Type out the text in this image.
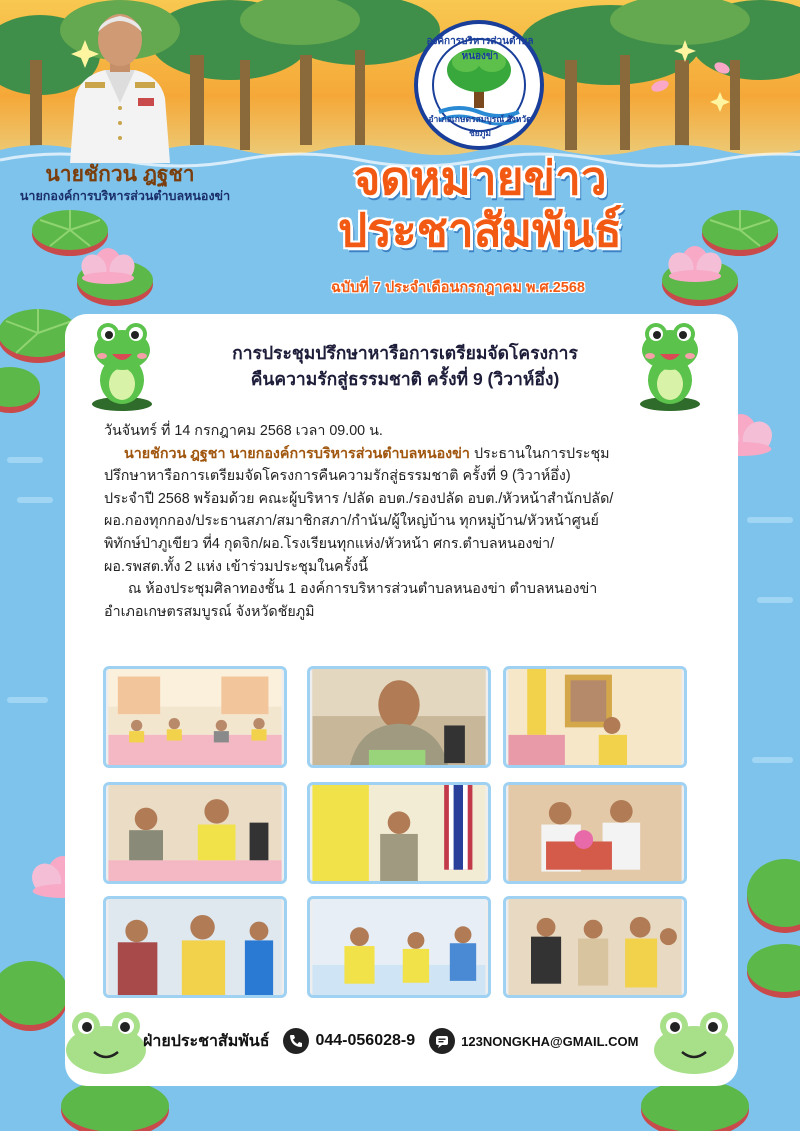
นายชักวน ฎฐชา
นายกองค์การบริหารส่วนตำบลหนองข่า
องค์การบริหารส่วนตำบลหนองข่า
อำเภอเกษตรสมบูรณ์ จังหวัดชัยภูมิ
จดหมายข่าว
ประชาสัมพันธ์
ฉบับที่ 7 ประจำเดือนกรกฎาคม พ.ศ.2568
การประชุมปรึกษาหารือการเตรียมจัดโครงการ
คืนความรักสู่ธรรมชาติ ครั้งที่ 9 (วิวาห์อึ่ง)

วันจันทร์ ที่ 14 กรกฎาคม 2568 เวลา 09.00 น.

นายชักวน ฎฐชา นายกองค์การบริหารส่วนตำบลหนองข่า ประธานในการประชุม

ปรึกษาหารือการเตรียมจัดโครงการคืนความรักสู่ธรรมชาติ ครั้งที่ 9 (วิวาห์อึ่ง)

ประจำปี 2568 พร้อมด้วย คณะผู้บริหาร /ปลัด อบต./รองปลัด อบต./หัวหน้าสำนักปลัด/

ผอ.กองทุกกอง/ประธานสภา/สมาชิกสภา/กำนัน/ผู้ใหญ่บ้าน ทุกหมู่บ้าน/หัวหน้าศูนย์

พิทักษ์ป่าภูเขียว ที่4 กุดจิก/ผอ.โรงเรียนทุกแห่ง/หัวหน้า ศกร.ตำบลหนองข่า/

ผอ.รพสต.ทั้ง 2 แห่ง เข้าร่วมประชุมในครั้งนี้

ณ ห้องประชุมศิลาทองชั้น 1 องค์การบริหารส่วนตำบลหนองข่า ตำบลหนองข่า

อำเภอเกษตรสมบูรณ์ จังหวัดชัยภูมิ

ฝ่ายประชาสัมพันธ์	044-056028-9	123NONGKHA@GMAIL.COM
